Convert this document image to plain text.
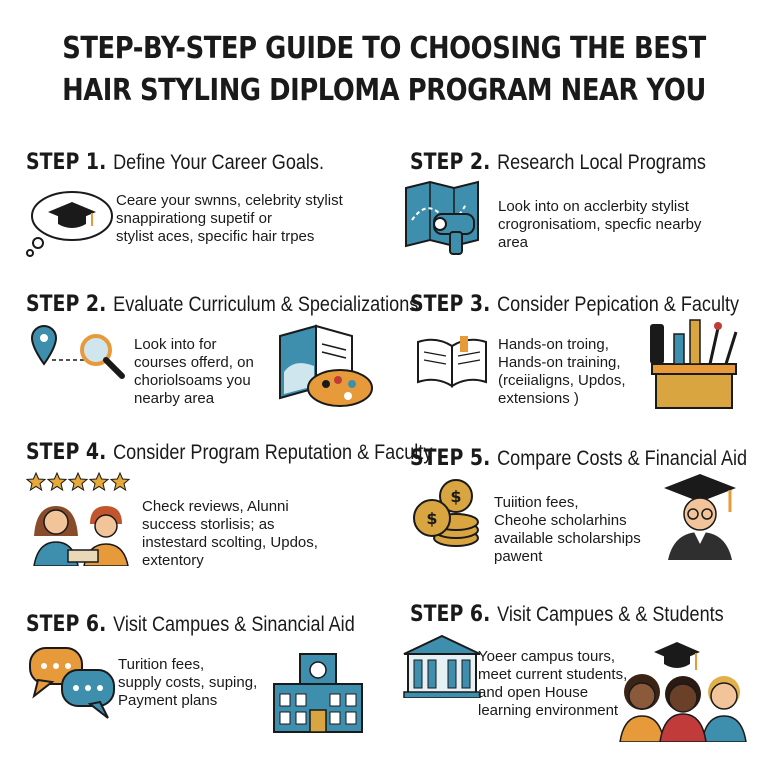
STEP-BY-STEP GUIDE TO CHOOSING THE BEST
HAIR STYLING DIPLOMA PROGRAM NEAR YOU
STEP 1. Define Your Career Goals.
Ceare your swnns, celebrity stylist
snappirationg supetif or
stylist aces, specific hair trpes
STEP 2. Research Local Programs
Look into on acclerbity stylist
crogronisatiom, specfic nearby
area
STEP 2. Evaluate Curriculum & Specializations
Look into for
courses offerd, on
choriolsoams you
nearby area
STEP 3. Consider Pepication & Faculty
Hands-on troing,
Hands-on training,
(rceiialigns, Updos,
extensions )
STEP 4. Consider Program Reputation & Faculty
Check reviews, Alunni
success storlisis; as
instestard scolting, Updos,
extentory
STEP 5. Compare Costs & Financial Aid
$
$
Tuiition fees,
Cheohe scholarhins
available scholarships
pawent
STEP 6. Visit Campues & Sinancial Aid
Turition fees,
supply costs, suping,
Payment plans
STEP 6. Visit Campues & & Students
Yoeer campus tours,
meet current students,
and open House
learning environment
